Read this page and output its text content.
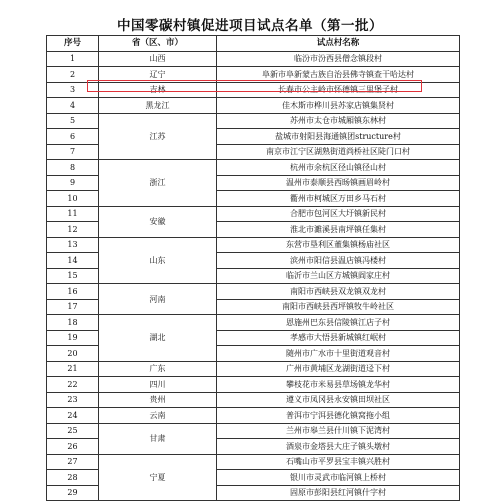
中国零碳村镇促进项目试点名单（第一批）
序号	省（区、市）	试点村名称
1	山西	临汾市汾西县僧念镇段村
2	辽宁	阜新市阜新蒙古族自治县佛寺镇查干哈达村
3	吉林	长春市公主岭市怀德镇三里堡子村
4	黑龙江	佳木斯市桦川县苏家店镇集贤村
5	江苏	苏州市太仓市城厢镇东林村
6		盐城市射阳县海通镇团structure村
7		南京市江宁区湖熟街道尚桥社区陡门口村
8	浙江	杭州市余杭区径山镇径山村
9		温州市泰顺县西旸镇画眉岭村
10		衢州市柯城区万田乡马石村
11	安徽	合肥市包河区大圩镇新民村
12		淮北市濉溪县南坪镇任集村
13	山东	东营市垦利区董集镇杨庙社区
14		滨州市阳信县温店镇冯楼村
15		临沂市兰山区方城镇阎家庄村
16	河南	南阳市西峡县双龙镇双龙村
17		南阳市西峡县西坪镇牧牛岭社区
18	湖北	恩施州巴东县信陵镇江店子村
19		孝感市大悟县新城镇红岷村
20		随州市广水市十里街道观音村
21	广东	广州市黄埔区龙湖街道迳下村
22	四川	攀枝花市米易县草场镇龙华村
23	贵州	遵义市凤冈县永安镇田坝社区
24	云南	普洱市宁洱县德化镇窝拖小组
25	甘肃	兰州市皋兰县什川镇下泥湾村
26		酒泉市金塔县大庄子镇头墩村
27	宁夏	石嘴山市平罗县宝丰镇兴胜村
28		银川市灵武市临河镇上桥村
29		固原市彭阳县红河镇什字村
